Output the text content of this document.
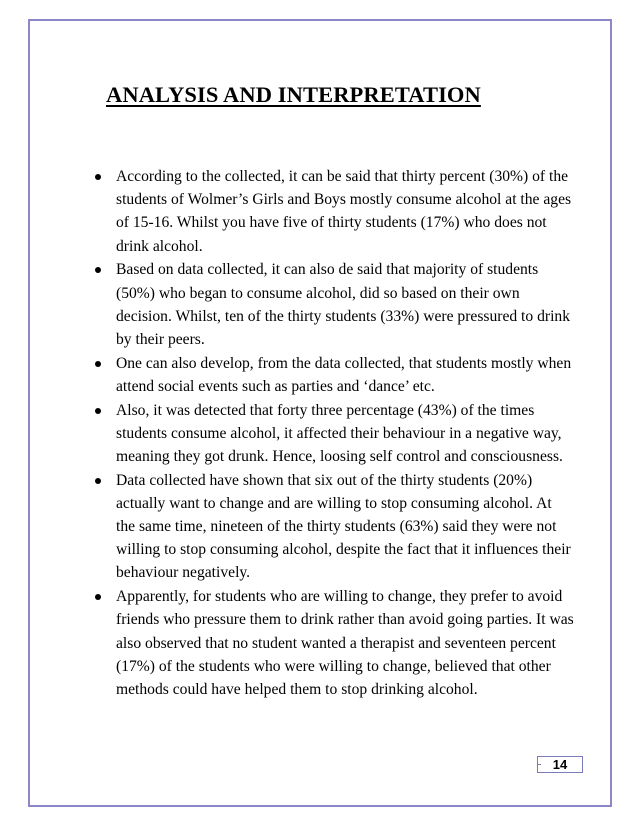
ANALYSIS AND INTERPRETATION
According to the collected, it can be said that thirty percent (30%) of the students of Wolmer’s Girls and Boys mostly consume alcohol at the ages of 15-16. Whilst you have five of thirty students (17%) who does not drink alcohol.
Based on data collected, it can also de said that majority of students (50%) who began to consume alcohol, did so based on their own decision. Whilst, ten of the thirty students (33%) were pressured to drink by their peers.
One can also develop, from the data collected, that students mostly when attend social events such as parties and ‘dance’ etc.
Also, it was detected that forty three percentage (43%) of the times students consume alcohol, it affected their behaviour in a negative way, meaning they got drunk. Hence, loosing self control and consciousness.
Data collected have shown that six out of the thirty students (20%) actually want to change and are willing to stop consuming alcohol. At the same time, nineteen of the thirty students (63%) said they were not willing to stop consuming alcohol, despite the fact that it influences their behaviour negatively.
Apparently, for students who are willing to change, they prefer to avoid friends who pressure them to drink rather than avoid going parties. It was also observed that no student wanted a therapist and seventeen percent (17%) of the students who were willing to change, believed that other methods could have helped them to stop drinking alcohol.
14
